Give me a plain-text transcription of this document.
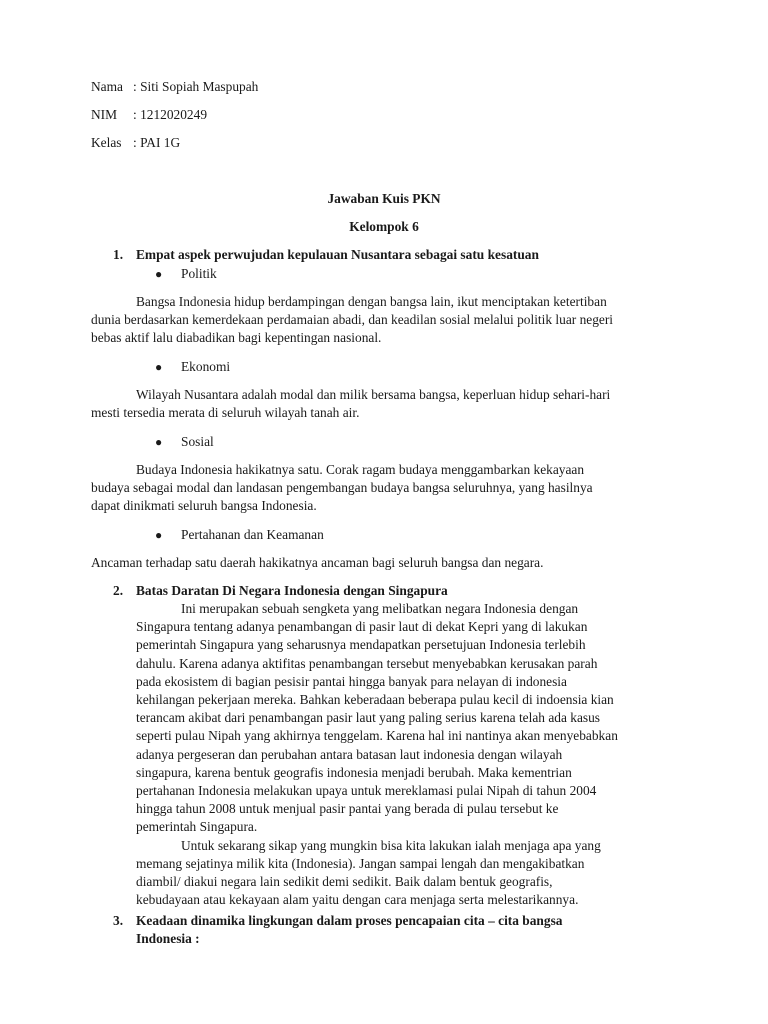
Nama : Siti Sopiah Maspupah
NIM : 1212020249
Kelas : PAI 1G
Jawaban Kuis PKN
Kelompok 6
1. Empat aspek perwujudan kepulauan Nusantara sebagai satu kesatuan
● Politik
Bangsa Indonesia hidup berdampingan dengan bangsa lain, ikut menciptakan ketertiban
dunia berdasarkan kemerdekaan perdamaian abadi, dan keadilan sosial melalui politik luar negeri
bebas aktif lalu diabadikan bagi kepentingan nasional.
● Ekonomi
Wilayah Nusantara adalah modal dan milik bersama bangsa, keperluan hidup sehari-hari
mesti tersedia merata di seluruh wilayah tanah air.
● Sosial
Budaya Indonesia hakikatnya satu. Corak ragam budaya menggambarkan kekayaan
budaya sebagai modal dan landasan pengembangan budaya bangsa seluruhnya, yang hasilnya
dapat dinikmati seluruh bangsa Indonesia.
● Pertahanan dan Keamanan
Ancaman terhadap satu daerah hakikatnya ancaman bagi seluruh bangsa dan negara.
2. Batas Daratan Di Negara Indonesia dengan Singapura
Ini merupakan sebuah sengketa yang melibatkan negara Indonesia dengan
Singapura tentang adanya penambangan di pasir laut di dekat Kepri yang di lakukan
pemerintah Singapura yang seharusnya mendapatkan persetujuan Indonesia terlebih
dahulu. Karena adanya aktifitas penambangan tersebut menyebabkan kerusakan parah
pada ekosistem di bagian pesisir pantai hingga banyak para nelayan di indonesia
kehilangan pekerjaan mereka. Bahkan keberadaan beberapa pulau kecil di indoensia kian
terancam akibat dari penambangan pasir laut yang paling serius karena telah ada kasus
seperti pulau Nipah yang akhirnya tenggelam. Karena hal ini nantinya akan menyebabkan
adanya pergeseran dan perubahan antara batasan laut indonesia dengan wilayah
singapura, karena bentuk geografis indonesia menjadi berubah. Maka kementrian
pertahanan Indonesia melakukan upaya untuk mereklamasi pulai Nipah di tahun 2004
hingga tahun 2008 untuk menjual pasir pantai yang berada di pulau tersebut ke
pemerintah Singapura.
Untuk sekarang sikap yang mungkin bisa kita lakukan ialah menjaga apa yang
memang sejatinya milik kita (Indonesia). Jangan sampai lengah dan mengakibatkan
diambil/ diakui negara lain sedikit demi sedikit. Baik dalam bentuk geografis,
kebudayaan atau kekayaan alam yaitu dengan cara menjaga serta melestarikannya.
3. Keadaan dinamika lingkungan dalam proses pencapaian cita – cita bangsa
Indonesia :
